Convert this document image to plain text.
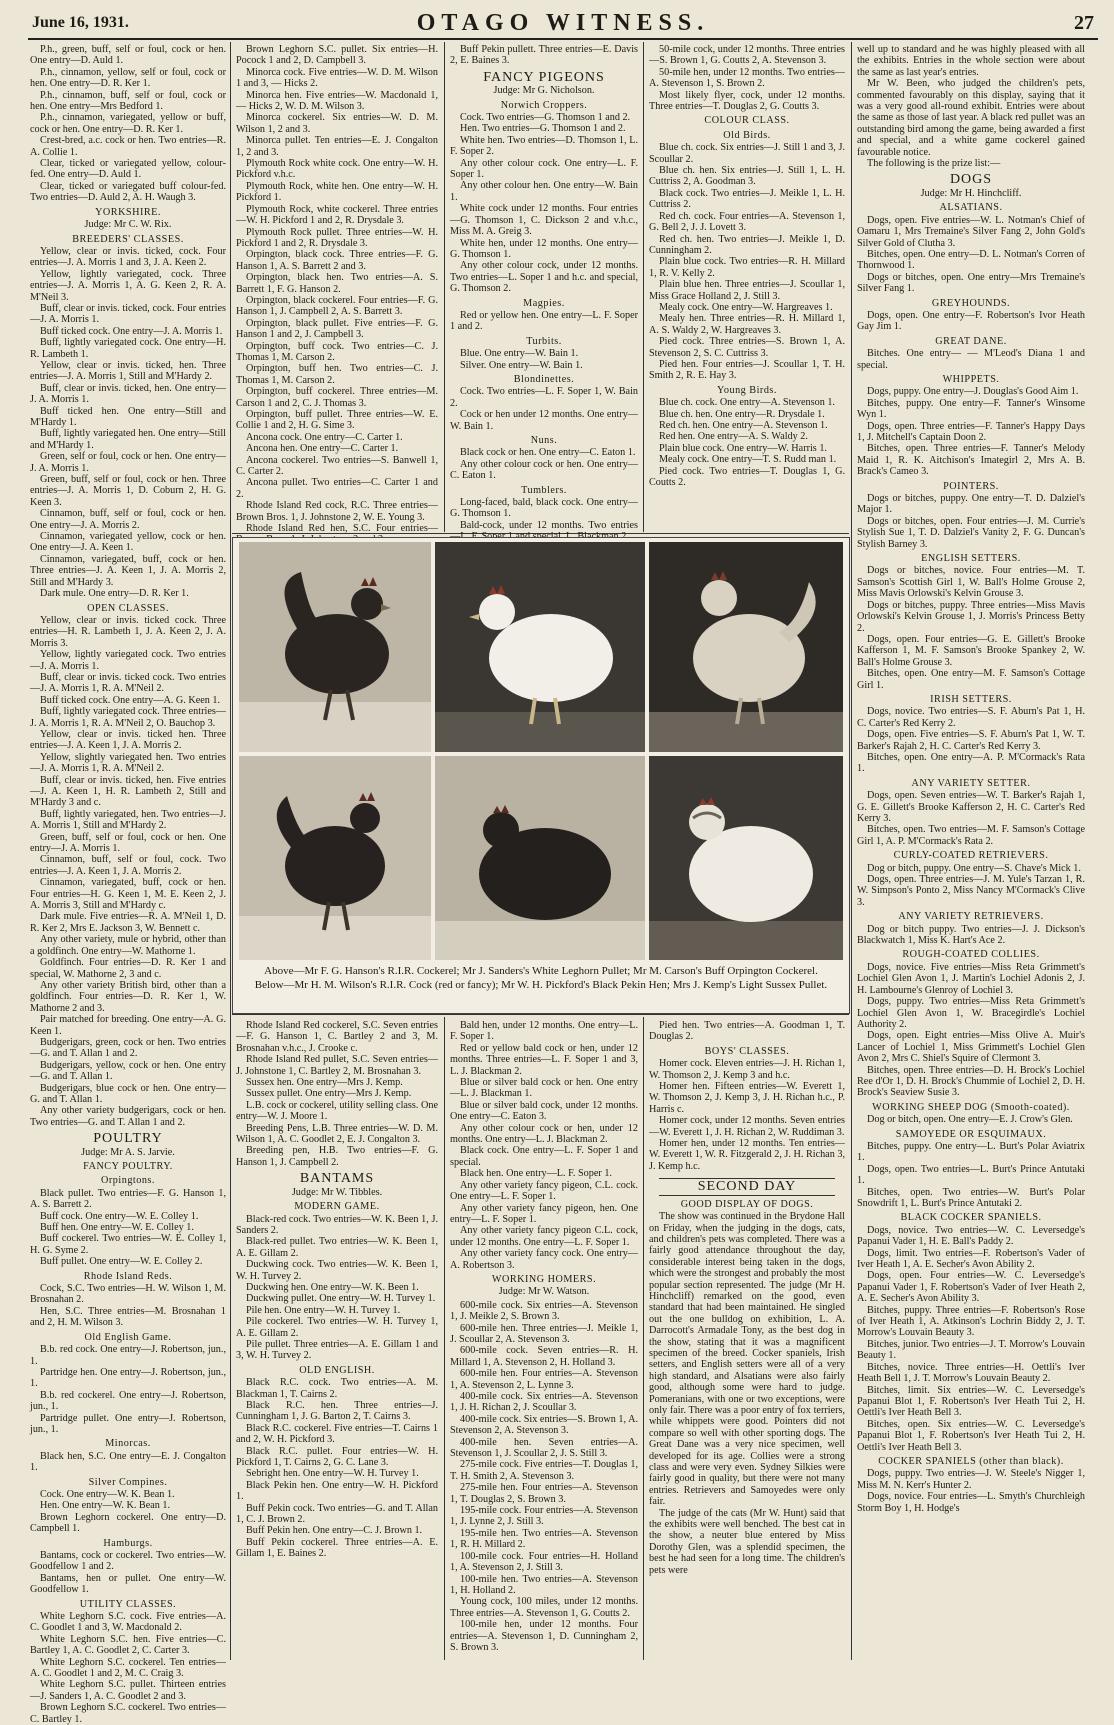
June 16, 1931.	OTAGO WITNESS.	27

P.h., green, buff, self or foul, cock or hen. One entry—D. Auld 1.

P.h., cinnamon, yellow, self or foul, cock or hen. One entry—D. R. Ker 1.

P.h., cinnamon, buff, self or foul, cock or hen. One entry—Mrs Bedford 1.

P.h., cinnamon, variegated, yellow or buff, cock or hen. One entry—D. R. Ker 1.

Crest-bred, a.c. cock or hen. Two entries—R. A. Collie 1.

Clear, ticked or variegated yellow, colour-fed. One entry—D. Auld 1.

Clear, ticked or variegated buff colour-fed. Two entries—D. Auld 2, A. H. Waugh 3.

YORKSHIRE.

Judge: Mr C. W. Rix.

BREEDERS' CLASSES.

Yellow, clear or invis. ticked, cock. Four entries—J. A. Morris 1 and 3, J. A. Keen 2.

Yellow, lightly variegated, cock. Three entries—J. A. Morris 1, A. G. Keen 2, R. A. M'Neil 3.

Buff, clear or invis. ticked, cock. Four entries—J. A. Morris 1.

Buff ticked cock. One entry—J. A. Morris 1.

Buff, lightly variegated cock. One entry—H. R. Lambeth 1.

Yellow, clear or invis. ticked, hen. Three entries—J. A. Morris 1, Still and M'Hardy 2.

Buff, clear or invis. ticked, hen. One entry—J. A. Morris 1.

Buff ticked hen. One entry—Still and M'Hardy 1.

Buff, lightly variegated hen. One entry—Still and M'Hardy 1.

Green, self or foul, cock or hen. One entry—J. A. Morris 1.

Green, buff, self or foul, cock or hen. Three entries—J. A. Morris 1, D. Coburn 2, H. G. Keen 3.

Cinnamon, buff, self or foul, cock or hen. One entry—J. A. Morris 2.

Cinnamon, variegated yellow, cock or hen. One entry—J. A. Keen 1.

Cinnamon, variegated, buff, cock or hen. Three entries—J. A. Keen 1, J. A. Morris 2, Still and M'Hardy 3.

Dark mule. One entry—D. R. Ker 1.

OPEN CLASSES.

Yellow, clear or invis. ticked cock. Three entries—H. R. Lambeth 1, J. A. Keen 2, J. A. Morris 3.

Yellow, lightly variegated cock. Two entries—J. A. Morris 1.

Buff, clear or invis. ticked cock. Two entries—J. A. Morris 1, R. A. M'Neil 2.

Buff ticked cock. One entry—A. G. Keen 1.

Buff, lightly variegated cock. Three entries—J. A. Morris 1, R. A. M'Neil 2, O. Bauchop 3.

Yellow, clear or invis. ticked hen. Three entries—J. A. Keen 1, J. A. Morris 2.

Yellow, slightly variegated hen. Two entries—J. A. Morris 1, R. A. M'Neil 2.

Buff, clear or invis. ticked, hen. Five entries—J. A. Keen 1, H. R. Lambeth 2, Still and M'Hardy 3 and c.

Buff, lightly variegated, hen. Two entries—J. A. Morris 1, Still and M'Hardy 2.

Green, buff, self or foul, cock or hen. One entry—J. A. Morris 1.

Cinnamon, buff, self or foul, cock. Two entries—J. A. Keen 1, J. A. Morris 2.

Cinnamon, variegated, buff, cock or hen. Four entries—H. G. Keen 1, M. E. Keen 2, J. A. Morris 3, Still and M'Hardy c.

Dark mule. Five entries—R. A. M'Neil 1, D. R. Ker 2, Mrs E. Jackson 3, W. Bennett c.

Any other variety, mule or hybrid, other than a goldfinch. One entry—W. Mathorne 1.

Goldfinch. Four entries—D. R. Ker 1 and special, W. Mathorne 2, 3 and c.

Any other variety British bird, other than a goldfinch. Four entries—D. R. Ker 1, W. Mathorne 2 and 3.

Pair matched for breeding. One entry—A. G. Keen 1.

Budgerigars, green, cock or hen. Two entries—G. and T. Allan 1 and 2.

Budgerigars, yellow, cock or hen. One entry—G. and T. Allan 1.

Budgerigars, blue cock or hen. One entry—G. and T. Allan 1.

Any other variety budgerigars, cock or hen. Two entries—G. and T. Allan 1 and 2.

POULTRY

Judge: Mr A. S. Jarvie.

FANCY POULTRY.

Orpingtons.

Black pullet. Two entries—F. G. Hanson 1, A. S. Barrett 2.

Buff cock. One entry—W. E. Colley 1.

Buff hen. One entry—W. E. Colley 1.

Buff cockerel. Two entries—W. E. Colley 1, H. G. Syme 2.

Buff pullet. One entry—W. E. Colley 2.

Rhode Island Reds.

Cock, S.C. Two entries—H. W. Wilson 1, M. Brosnahan 2.

Hen, S.C. Three entries—M. Brosnahan 1 and 2, H. M. Wilson 3.

Old English Game.

B.b. red cock. One entry—J. Robertson, jun., 1.

Partridge hen. One entry—J. Robertson, jun., 1.

B.b. red cockerel. One entry—J. Robertson, jun., 1.

Partridge pullet. One entry—J. Robertson, jun., 1.

Minorcas.

Black hen, S.C. One entry—E. J. Congalton 1.

Silver Compines.

Cock. One entry—W. K. Bean 1.

Hen. One entry—W. K. Bean 1.

Brown Leghorn cockerel. One entry—D. Campbell 1.

Hamburgs.

Bantams, cock or cockerel. Two entries—W. Goodfellow 1 and 2.

Bantams, hen or pullet. One entry—W. Goodfellow 1.

UTILITY CLASSES.

White Leghorn S.C. cock. Five entries—A. C. Goodlet 1 and 3, W. Macdonald 2.

White Leghorn S.C. hen. Five entries—C. Bartley 1, A. C. Goodlet 2, C. Carter 3.

White Leghorn S.C. cockerel. Ten entries—A. C. Goodlet 1 and 2, M. C. Craig 3.

White Leghorn S.C. pullet. Thirteen entries—J. Sanders 1, A. C. Goodlet 2 and 3.

Brown Leghorn S.C. cockerel. Two entries—C. Bartley 1.

Brown Leghorn S.C. pullet. Six entries—H. Pocock 1 and 2, D. Campbell 3.

Minorca cock. Five entries—W. D. M. Wilson 1 and 3, — Hicks 2.

Minorca hen. Five entries—W. Macdonald 1, — Hicks 2, W. D. M. Wilson 3.

Minorca cockerel. Six entries—W. D. M. Wilson 1, 2 and 3.

Minorca pullet. Ten entries—E. J. Congalton 1, 2 and 3.

Plymouth Rock white cock. One entry—W. H. Pickford v.h.c.

Plymouth Rock, white hen. One entry—W. H. Pickford 1.

Plymouth Rock, white cockerel. Three entries—W. H. Pickford 1 and 2, R. Drysdale 3.

Plymouth Rock pullet. Three entries—W. H. Pickford 1 and 2, R. Drysdale 3.

Orpington, black cock. Three entries—F. G. Hanson 1, A. S. Barrett 2 and 3.

Orpington, black hen. Two entries—A. S. Barrett 1, F. G. Hanson 2.

Orpington, black cockerel. Four entries—F. G. Hanson 1, J. Campbell 2, A. S. Barrett 3.

Orpington, black pullet. Five entries—F. G. Hanson 1 and 2, J. Campbell 3.

Orpington, buff cock. Two entries—C. J. Thomas 1, M. Carson 2.

Orpington, buff hen. Two entries—C. J. Thomas 1, M. Carson 2.

Orpington, buff cockerel. Three entries—M. Carson 1 and 2, C. J. Thomas 3.

Orpington, buff pullet. Three entries—W. E. Collie 1 and 2, H. G. Sime 3.

Ancona cock. One entry—C. Carter 1.

Ancona hen. One entry—C. Carter 1.

Ancona cockerel. Two entries—S. Banwell 1, C. Carter 2.

Ancona pullet. Two entries—C. Carter 1 and 2.

Rhode Island Red cock, R.C. Three entries—Brown Bros. 1, J. Johnstone 2, W. E. Young 3.

Rhode Island Red hen, S.C. Four entries—

Buff Pekin pullett. Three entries—E. Davis 2, E. Baines 3.

FANCY PIGEONS

Judge: Mr G. Nicholson.

Norwich Croppers.

Cock. Two entries—G. Thomson 1 and 2.

Hen. Two entries—G. Thomson 1 and 2.

White hen. Two entries—D. Thomson 1, L. F. Soper 2.

Any other colour cock. One entry—L. F. Soper 1.

Any other colour hen. One entry—W. Bain 1.

White cock under 12 months. Four entries—G. Thomson 1, C. Dickson 2 and v.h.c., Miss M. A. Greig 3.

White hen, under 12 months. One entry—G. Thomson 1.

Any other colour cock, under 12 months. Two entries—L. Soper 1 and h.c. and special, G. Thomson 2.

Magpies.

Red or yellow hen. One entry—L. F. Soper 1 and 2.

Turbits.

Blue. One entry—W. Bain 1.

Silver. One entry—W. Bain 1.

Blondinettes.

Cock. Two entries—L. F. Soper 1, W. Bain 2.

Cock or hen under 12 months. One entry—W. Bain 1.

Nuns.

Black cock or hen. One entry—C. Eaton 1.

Any other colour cock or hen. One entry—C. Eaton 1.

Tumblers.

Long-faced, bald, black cock. One entry—G. Thomson 1.

Bald-cock, under 12 months. Two entries

50-mile cock, under 12 months. Three entries—S. Brown 1, G. Coutts 2, A. Stevenson 3.

50-mile hen, under 12 months. Two entries—A. Stevenson 1, S. Brown 2.

Most likely flyer, cock, under 12 months. Three entries—T. Douglas 2, G. Coutts 3.

COLOUR CLASS.

Old Birds.

Blue ch. cock. Six entries—J. Still 1 and 3, J. Scoullar 2.

Blue ch. hen. Six entries—J. Still 1, L. H. Cuttriss 2, A. Goodman 3.

Black cock. Two entries—J. Meikle 1, L. H. Cuttriss 2.

Red ch. cock. Four entries—A. Stevenson 1, G. Bell 2, J. J. Lovett 3.

Red ch. hen. Two entries—J. Meikle 1, D. Cunningham 2.

Plain blue cock. Two entries—R. H. Millard 1, R. V. Kelly 2.

Plain blue hen. Three entries—J. Scoullar 1, Miss Grace Holland 2, J. Still 3.

Mealy cock. One entry—W. Hargreaves 1.

Mealy hen. Three entries—R. H. Millard 1, A. S. Waldy 2, W. Hargreaves 3.

Pied cock. Three entries—S. Brown 1, A. Stevenson 2, S. C. Cuttriss 3.

Pied hen. Four entries—J. Scoullar 1, T. H. Smith 2, R. E. Hay 3.

Young Birds.

Blue ch. cock. One entry—A. Stevenson 1.

Blue ch. hen. One entry—R. Drysdale 1.

Red ch. hen. One entry—A. Stevenson 1.

Red hen. One entry—A. S. Waldy 2.

Plain blue cock. One entry—W. Harris 1.

Mealy cock. One entry—T. S. Rudd man 1.

Pied cock. Two entries—T. Douglas 1, G. Coutts 2.

well up to standard and he was highly pleased with all the exhibits. Entries in the whole section were about the same as last year's entries.

Mr W. Been, who judged the children's pets, commented favourably on this display, saying that it was a very good all-round exhibit. Entries were about the same as those of last year. A black red pullet was an outstanding bird among the game, being awarded a first and special, and a white game cockerel gained favourable notice.

The following is the prize list:—

DOGS

Judge: Mr H. Hinchcliff.

ALSATIANS.

Dogs, open. Five entries—W. L. Notman's Chief of Oamaru 1, Mrs Tremaine's Silver Fang 2, John Gold's Silver Gold of Clutha 3.

Bitches, open. One entry—D. L. Notman's Corren of Thornwood 1.

Dogs or bitches, open. One entry—Mrs Tremaine's Silver Fang 1.

GREYHOUNDS.

Dogs, open. One entry—F. Robertson's Ivor Heath Gay Jim 1.

GREAT DANE.

Bitches. One entry— — M'Leod's Diana 1 and special.

WHIPPETS.

Dogs, puppy. One entry—J. Douglas's Good Aim 1.

Bitches, puppy. One entry—F. Tanner's Winsome Wyn 1.

Dogs, open. Three entries—F. Tanner's Happy Days 1, J. Mitchell's Captain Doon 2.

Bitches, open. Three entries—F. Tanner's Melody Maid 1, R. K. Aitchison's Imategirl 2, Mrs A. B. Brack's Cameo 3.

POINTERS.

Dogs or bitches, puppy. One entry—T. D. Dalziel's Major 1.

Dogs or bitches, open. Four entries—J. M. Currie's Stylish Sue 1, T. D. Dalziel's Vanity 2, F. G. Duncan's Stylish Barney 3.

ENGLISH SETTERS.

Dogs or bitches, novice. Four entries—M. T. Samson's Scottish Girl 1, W. Ball's Holme Grouse 2, Miss Mavis Orlowski's Kelvin Grouse 3.

Dogs or bitches, puppy. Three entries—Miss Mavis Orlowski's Kelvin Grouse 1, J. Morris's Princess Betty 2.

Dogs, open. Four entries—G. E. Gillett's Brooke Kafferson 1, M. F. Samson's Brooke Spankey 2, W. Ball's Holme Grouse 3.

Bitches, open. One entry—M. F. Samson's Cottage Girl 1.

IRISH SETTERS.

Dogs, novice. Two entries—S. F. Aburn's Pat 1, H. C. Carter's Red Kerry 2.

Dogs, open. Five entries—S. F. Aburn's Pat 1, W. T. Barker's Rajah 2, H. C. Carter's Red Kerry 3.

Bitches, open. One entry—A. P. M'Cormack's Rata 1.

ANY VARIETY SETTER.

Dogs, open. Seven entries—W. T. Barker's Rajah 1, G. E. Gillett's Brooke Kafferson 2, H. C. Carter's Red Kerry 3.

Bitches, open. Two entries—M. F. Samson's Cottage Girl 1, A. P. M'Cormack's Rata 2.

CURLY-COATED RETRIEVERS.

Dog or bitch, puppy. One entry—S. Chave's Mick 1.

Dogs, open. Three entries—J. M. Yule's Tarzan 1, R. W. Simpson's Ponto 2, Miss Nancy M'Cormack's Clive 3.

ANY VARIETY RETRIEVERS.

Dog or bitch puppy. Two entries—J. J. Dickson's Blackwatch 1, Miss K. Hart's Ace 2.

ROUGH-COATED COLLIES.

Dogs, novice. Five entries—Miss Reta Grimmett's Lochiel Glen Avon 1, J. Martin's Lochiel Adonis 2, J. H. Lambourne's Glenroy of Lochiel 3.

Dogs, puppy. Two entries—Miss Reta Grimmett's Lochiel Glen Avon 1, W. Bracegirdle's Lochiel Authority 2.

Dogs, open. Eight entries—Miss Olive A. Muir's Lancer of Lochiel 1, Miss Grimmett's Lochiel Glen Avon 2, Mrs C. Shiel's Squire of Clermont 3.

Bitches, open. Three entries—D. H. Brock's Lochiel Ree d'Or 1, D. H. Brock's Chummie of Lochiel 2, D. H. Brock's Seaview Susie 3.

WORKING SHEEP DOG (Smooth-coated).

Dog or bitch, open. One entry—E. J. Crow's Glen.

SAMOYEDE OR ESQUIMAUX.

Bitches, puppy. One entry—L. Burt's Polar Aviatrix 1.

Dogs, open. Two entries—L. Burt's Prince Antutaki 1.

Bitches, open. Two entries—W. Burt's Polar Snowdrift 1, L. Burt's Prince Antutaki 2.

BLACK COCKER SPANIELS.

Dogs, novice. Two entries—W. C. Leversedge's Papanui Vader 1, H. E. Ball's Paddy 2.

Dogs, limit. Two entries—F. Robertson's Vader of Iver Heath 1, A. E. Secher's Avon Ability 2.

Dogs, open. Four entries—W. C. Leversedge's Papanui Vader 1, F. Robertson's Vader of Iver Heath 2, A. E. Secher's Avon Ability 3.

Bitches, puppy. Three entries—F. Robertson's Rose of Iver Heath 1, A. Atkinson's Lochrin Biddy 2, J. T. Morrow's Louvain Beauty 3.

Bitches, junior. Two entries—J. T. Morrow's Louvain Beauty 1.

Bitches, novice. Three entries—H. Oettli's Iver Heath Bell 1, J. T. Morrow's Louvain Beauty 2.

Bitches, limit. Six entries—W. C. Leversedge's Papanui Blot 1, F. Robertson's Iver Heath Tui 2, H. Oettli's Iver Heath Bell 3.

Bitches, open. Six entries—W. C. Leversedge's Papanui Blot 1, F. Robertson's Iver Heath Tui 2, H. Oettli's Iver Heath Bell 3.

COCKER SPANIELS (other than black).

Dogs, puppy. Two entries—J. W. Steele's Nigger 1, Miss M. N. Kerr's Hunter 2.

Dogs, novice. Four entries—L. Smyth's Churchleigh Storm Boy 1, H. Hodge's

Above—Mr F. G. Hanson's R.I.R. Cockerel; Mr J. Sanders's White Leghorn Pullet; Mr M. Carson's Buff Orpington Cockerel.
Below—Mr H. M. Wilson's R.I.R. Cock (red or fancy); Mr W. H. Pickford's Black Pekin Hen; Mrs J. Kemp's Light Sussex Pullet.

Rhode Island Red cockerel, S.C. Seven entries—F. G. Hanson 1, C. Bartley 2 and 3, M. Brosnahan v.h.c., J. Crooke c.

Rhode Island Red pullet, S.C. Seven entries—J. Johnstone 1, C. Bartley 2, M. Brosnahan 3.

Sussex hen. One entry—Mrs J. Kemp.

Sussex pullet. One entry—Mrs J. Kemp.

L.B. cock or cockerel, utility selling class. One entry—W. J. Moore 1.

Breeding Pens, L.B. Three entries—W. D. M. Wilson 1, A. C. Goodlet 2, E. J. Congalton 3.

Breeding pen, H.B. Two entries—F. G. Hanson 1, J. Campbell 2.

BANTAMS

Judge: Mr W. Tibbles.

MODERN GAME.

Black-red cock. Two entries—W. K. Been 1, J. Sanders 2.

Black-red pullet. Two entries—W. K. Been 1, A. E. Gillam 2.

Duckwing cock. Two entries—W. K. Been 1, W. H. Turvey 2.

Duckwing hen. One entry—W. K. Been 1.

Duckwing pullet. One entry—W. H. Turvey 1.

Pile hen. One entry—W. H. Turvey 1.

Pile cockerel. Two entries—W. H. Turvey 1, A. E. Gillam 2.

Pile pullet. Three entries—A. E. Gillam 1 and 3, W. H. Turvey 2.

OLD ENGLISH.

Black R.C. cock. Two entries—A. M. Blackman 1, T. Cairns 2.

Black R.C. hen. Three entries—J. Cunningham 1, J. G. Barton 2, T. Cairns 3.

Black R.C. cockerel. Five entries—T. Cairns 1 and 2, W. H. Pickford 3.

Black R.C. pullet. Four entries—W. H. Pickford 1, T. Cairns 2, G. C. Lane 3.

Sebright hen. One entry—W. H. Turvey 1.

Black Pekin hen. One entry—W. H. Pickford 1.

Buff Pekin cock. Two entries—G. and T. Allan 1, C. J. Brown 2.

Buff Pekin hen. One entry—C. J. Brown 1.

Buff Pekin cockerel. Three entries—A. E. Gillam 1, E. Baines 2.

Bald hen, under 12 months. One entry—L. F. Soper 1.

Red or yellow bald cock or hen, under 12 months. Three entries—L. F. Soper 1 and 3, L. J. Blackman 2.

Blue or silver bald cock or hen. One entry—L. J. Blackman 1.

Blue or silver bald cock, under 12 months. One entry—C. Eaton 3.

Any other colour cock or hen, under 12 months. One entry—L. J. Blackman 2.

Black cock. One entry—L. F. Soper 1 and special.

Black hen. One entry—L. F. Soper 1.

Any other variety fancy pigeon, C.L. cock. One entry—L. F. Soper 1.

Any other variety fancy pigeon, hen. One entry—L. F. Soper 1.

Any other variety fancy pigeon C.L. cock, under 12 months. One entry—L. F. Soper 1.

Any other variety fancy cock. One entry—A. Robertson 3.

WORKING HOMERS.

Judge: Mr W. Watson.

600-mile cock. Six entries—A. Stevenson 1, J. Meikle 2, S. Brown 3.

600-mile hen. Three entries—J. Meikle 1, J. Scoullar 2, A. Stevenson 3.

600-mile cock. Seven entries—R. H. Millard 1, A. Stevenson 2, H. Holland 3.

600-mile hen. Four entries—A. Stevenson 1, A. Stevenson 2, L. Lynne 3.

400-mile cock. Six entries—A. Stevenson 1, J. H. Richan 2, J. Scoullar 3.

400-mile cock. Six entries—S. Brown 1, A. Stevenson 2, A. Stevenson 3.

400-mile hen. Seven entries—A. Stevenson 1, J. Scoullar 2, J. S. Still 3.

275-mile cock. Five entries—T. Douglas 1, T. H. Smith 2, A. Stevenson 3.

275-mile hen. Four entries—A. Stevenson 1, T. Douglas 2, S. Brown 3.

195-mile cock. Four entries—A. Stevenson 1, J. Lynne 2, J. Still 3.

195-mile hen. Two entries—A. Stevenson 1, R. H. Millard 2.

100-mile cock. Four entries—H. Holland 1, A. Stevenson 2, J. Still 3.

100-mile hen. Two entries—A. Stevenson 1, H. Holland 2.

Young cock, 100 miles, under 12 months. Three entries—A. Stevenson 1, G. Coutts 2.

100-mile hen, under 12 months. Four entries—A. Stevenson 1, D. Cunningham 2, S. Brown 3.

Pied hen. Two entries—A. Goodman 1, T. Douglas 2.

BOYS' CLASSES.

Homer cock. Eleven entries—J. H. Richan 1, W. Thomson 2, J. Kemp 3 and h.c.

Homer hen. Fifteen entries—W. Everett 1, W. Thomson 2, J. Kemp 3, J. H. Richan h.c., P. Harris c.

Homer cock, under 12 months. Seven entries—W. Everett 1, J. H. Richan 2, W. Ruddiman 3.

Homer hen, under 12 months. Ten entries—W. Everett 1, W. R. Fitzgerald 2, J. H. Richan 3, J. Kemp h.c.

SECOND DAY

GOOD DISPLAY OF DOGS.

The show was continued in the Brydone Hall on Friday, when the judging in the dogs, cats, and children's pets was completed. There was a fairly good attendance throughout the day, considerable interest being taken in the dogs, which were the strongest and probably the most popular section represented. The judge (Mr H. Hinchcliff) remarked on the good, even standard that had been maintained. He singled out the one bulldog on exhibition, L. A. Darrocott's Armadale Tony, as the best dog in the show, stating that it was a magnificent specimen of the breed. Cocker spaniels, Irish setters, and English setters were all of a very high standard, and Alsatians were also fairly good, although some were hard to judge. Pomeranians, with one or two exceptions, were only fair. There was a poor entry of fox terriers, while whippets were good. Pointers did not compare so well with other sporting dogs. The Great Dane was a very nice specimen, well developed for its age. Collies were a strong class and were very even. Sydney Silkies were fairly good in quality, but there were not many entries. Retrievers and Samoyedes were only fair.

The judge of the cats (Mr W. Hunt) said that the exhibits were well benched. The best cat in the show, a neuter blue entered by Miss Dorothy Glen, was a splendid specimen, the best he had seen for a long time. The children's pets were
